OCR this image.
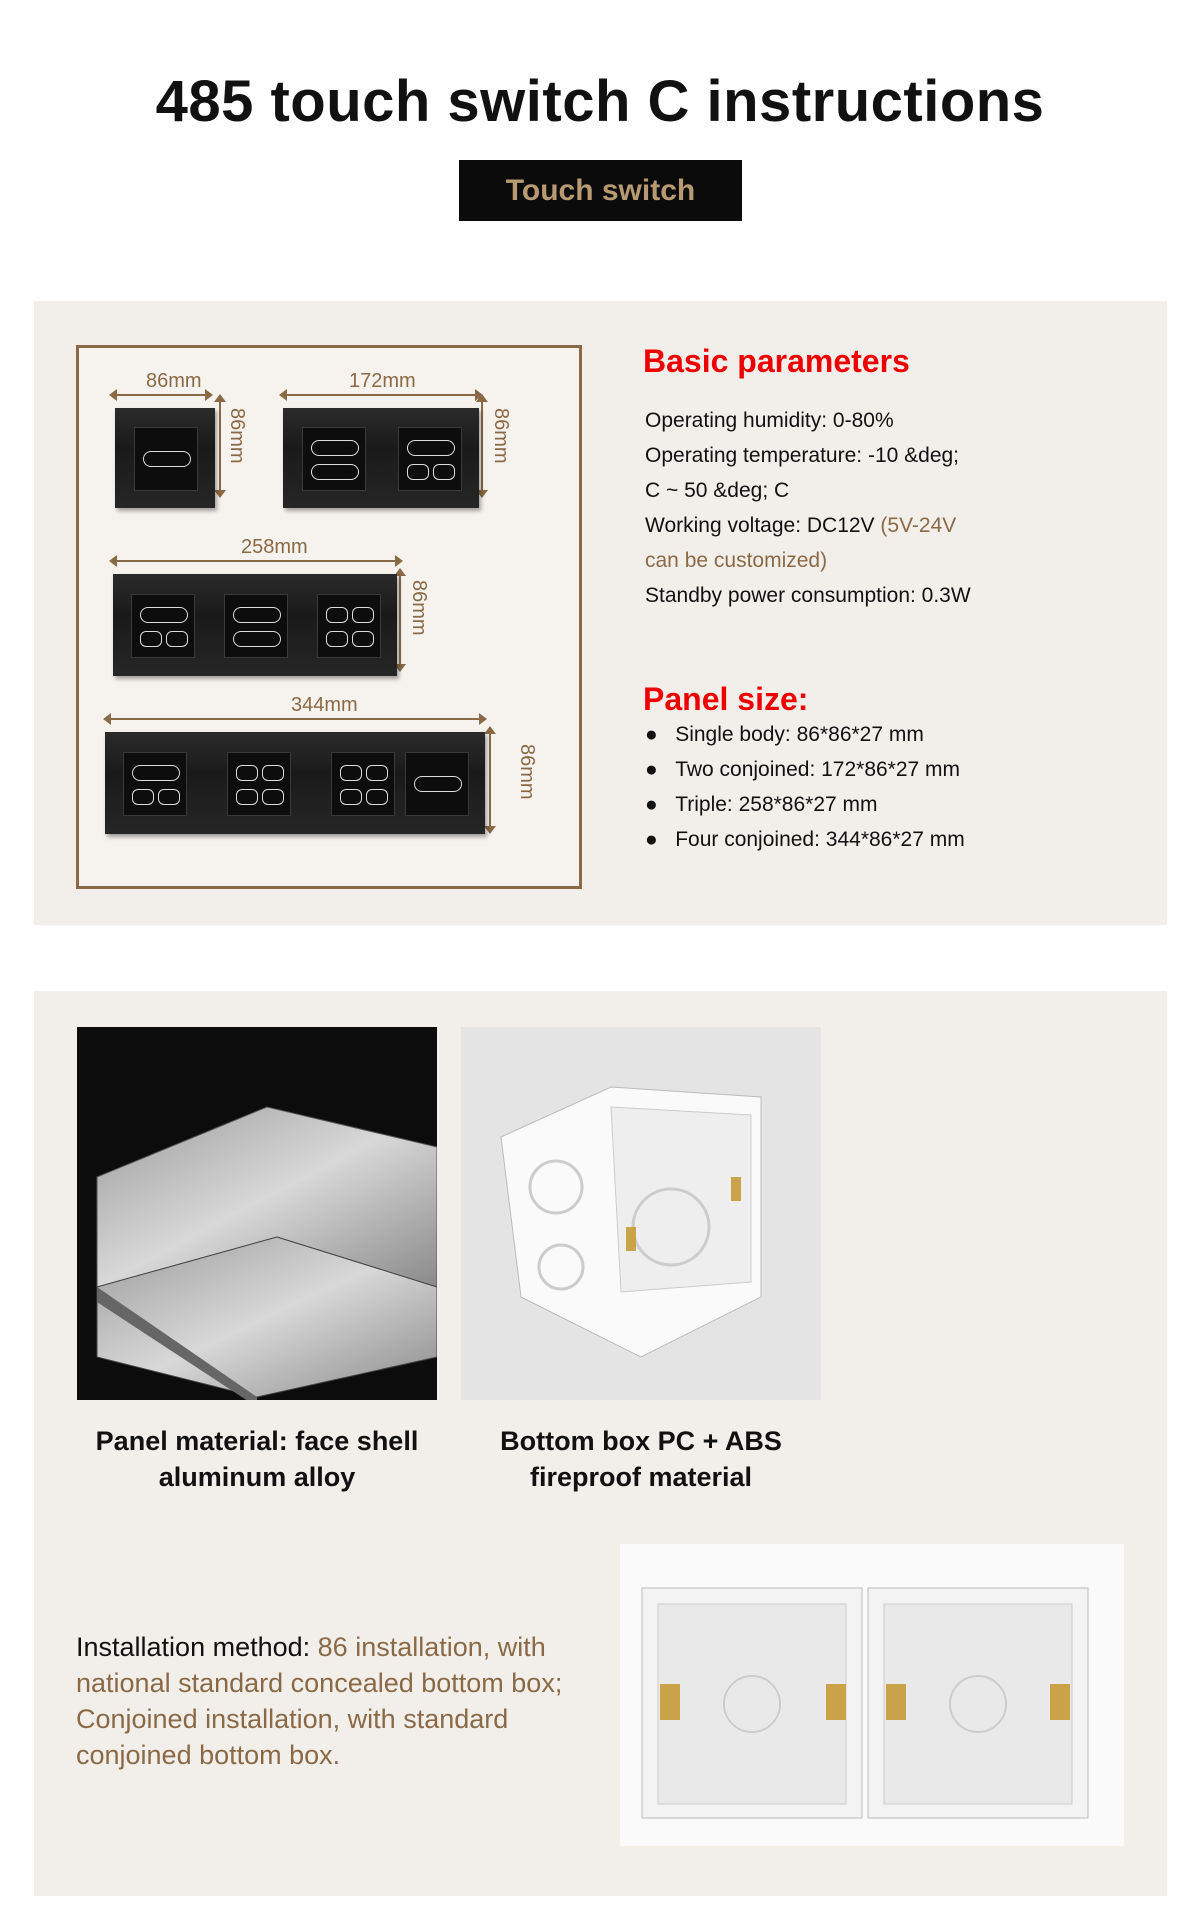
485 touch switch C instructions
Touch switch
86mm
86mm
172mm
86mm
258mm
86mm
344mm
86mm
Basic parameters
Operating humidity: 0-80%
Operating temperature: -10 &deg;
C ~ 50 &deg; C
Working voltage: DC12V (5V-24V
can be customized)
Standby power consumption: 0.3W
Panel size:
●   Single body: 86*86*27 mm
●   Two conjoined: 172*86*27 mm
●   Triple: 258*86*27 mm
●   Four conjoined: 344*86*27 mm
Panel material: face shell
aluminum alloy
Bottom box PC + ABS
fireproof material
Installation method: 86 installation, with national standard concealed bottom box; Conjoined installation, with standard conjoined bottom box.
